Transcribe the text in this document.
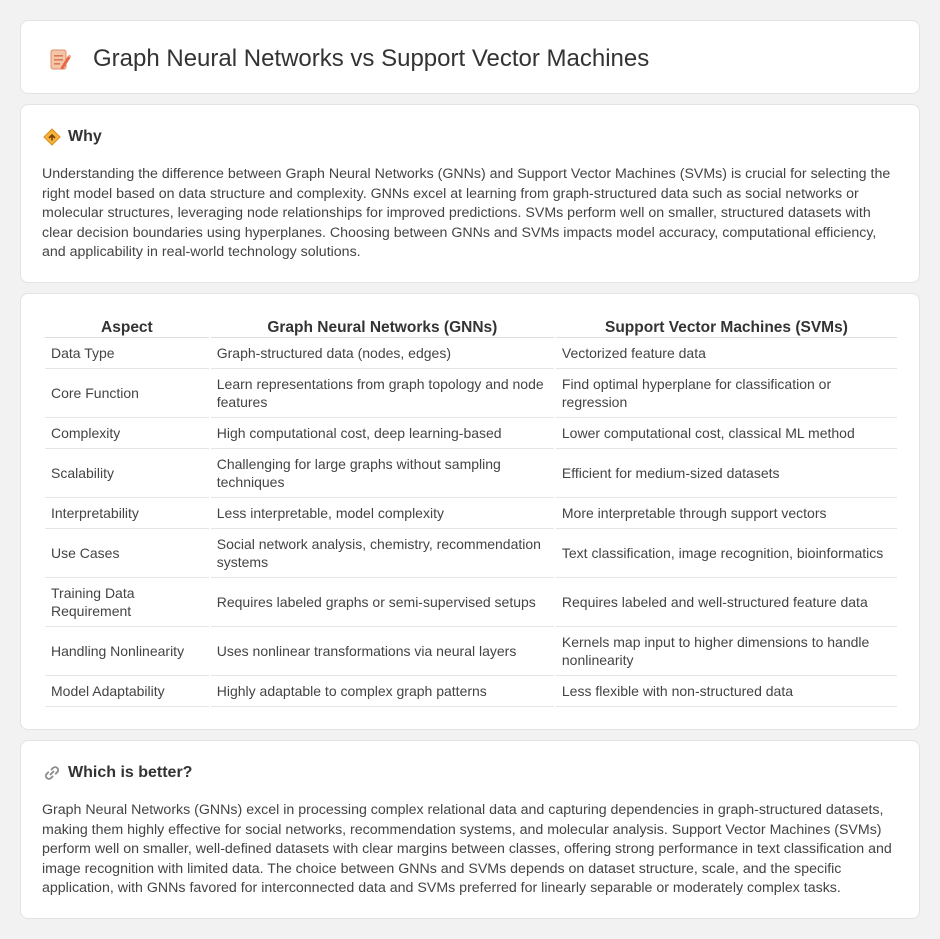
Graph Neural Networks vs Support Vector Machines
Why

Understanding the difference between Graph Neural Networks (GNNs) and Support Vector Machines (SVMs) is crucial for selecting the right model based on data structure and complexity. GNNs excel at learning from graph-structured data such as social networks or molecular structures, leveraging node relationships for improved predictions. SVMs perform well on smaller, structured datasets with clear decision boundaries using hyperplanes. Choosing between GNNs and SVMs impacts model accuracy, computational efficiency, and applicability in real-world technology solutions.

Aspect	Graph Neural Networks (GNNs)	Support Vector Machines (SVMs)
Data Type	Graph-structured data (nodes, edges)	Vectorized feature data
Core Function	Learn representations from graph topology and node features	Find optimal hyperplane for classification or regression
Complexity	High computational cost, deep learning-based	Lower computational cost, classical ML method
Scalability	Challenging for large graphs without sampling techniques	Efficient for medium-sized datasets
Interpretability	Less interpretable, model complexity	More interpretable through support vectors
Use Cases	Social network analysis, chemistry, recommendation systems	Text classification, image recognition, bioinformatics
Training Data Requirement	Requires labeled graphs or semi-supervised setups	Requires labeled and well-structured feature data
Handling Nonlinearity	Uses nonlinear transformations via neural layers	Kernels map input to higher dimensions to handle nonlinearity
Model Adaptability	Highly adaptable to complex graph patterns	Less flexible with non-structured data
Which is better?

Graph Neural Networks (GNNs) excel in processing complex relational data and capturing dependencies in graph-structured datasets, making them highly effective for social networks, recommendation systems, and molecular analysis. Support Vector Machines (SVMs) perform well on smaller, well-defined datasets with clear margins between classes, offering strong performance in text classification and image recognition with limited data. The choice between GNNs and SVMs depends on dataset structure, scale, and the specific application, with GNNs favored for interconnected data and SVMs preferred for linearly separable or moderately complex tasks.
